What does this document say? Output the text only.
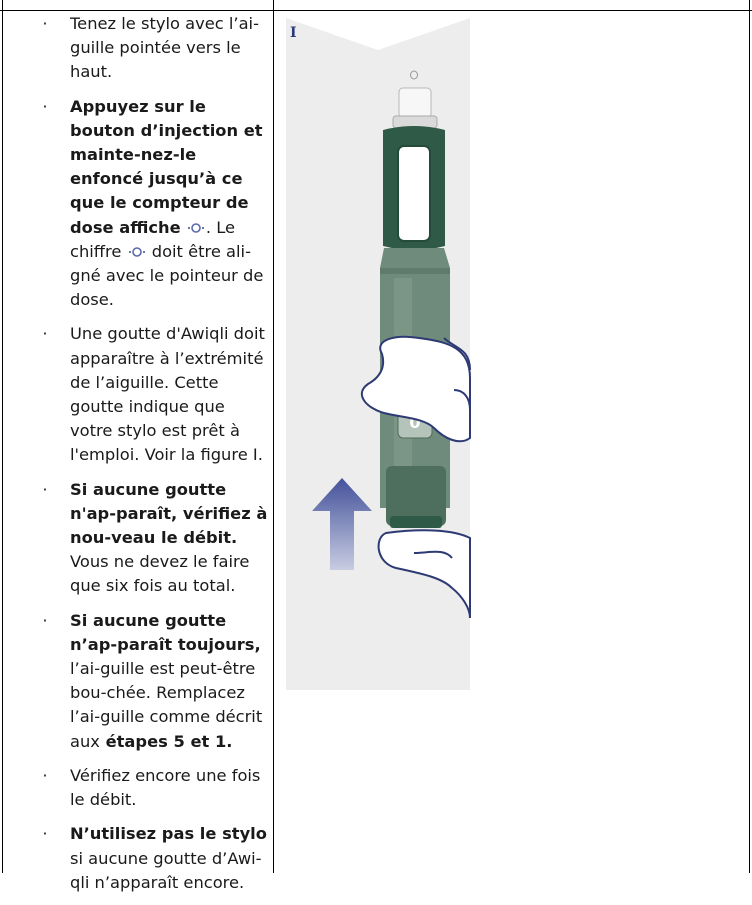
· Tenez le stylo avec l’ai-guille pointée vers le haut.
· Appuyez sur le bouton d’injection et mainte-nez-le enfoncé jusqu’à ce que le compteur de dose affiche . Le chiffre  doit être ali-gné avec le pointeur de dose.
· Une goutte d'Awiqli doit apparaître à l’extrémité de l’aiguille. Cette goutte indique que votre stylo est prêt à l'emploi. Voir la figure I.
· Si aucune goutte n'ap-paraît, vérifiez à nou-veau le débit. Vous ne devez le faire que six fois au total.
· Si aucune goutte n’ap-paraît toujours, l’ai-guille est peut-être bou-chée. Remplacez l’ai-guille comme décrit aux étapes 5 et 1.
· Vérifiez encore une fois le débit.
· N’utilisez pas le stylo si aucune goutte d’Awi-qli n’apparaît encore.
I
0
